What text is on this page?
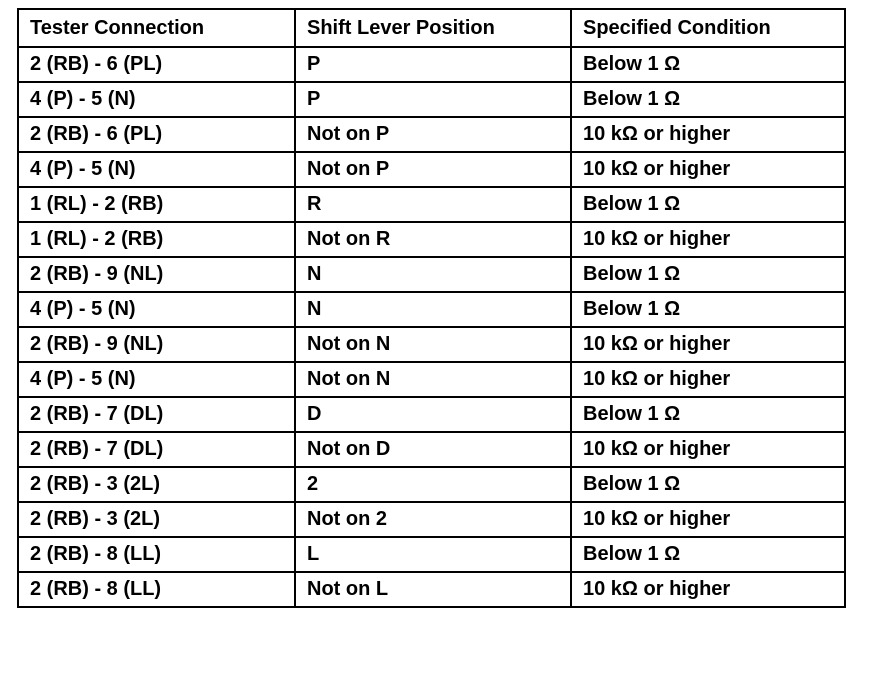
Tester Connection	Shift Lever Position	Specified Condition
2 (RB) - 6 (PL)	P	Below 1 Ω
4 (P) - 5 (N)	P	Below 1 Ω
2 (RB) - 6 (PL)	Not on P	10 kΩ or higher
4 (P) - 5 (N)	Not on P	10 kΩ or higher
1 (RL) - 2 (RB)	R	Below 1 Ω
1 (RL) - 2 (RB)	Not on R	10 kΩ or higher
2 (RB) - 9 (NL)	N	Below 1 Ω
4 (P) - 5 (N)	N	Below 1 Ω
2 (RB) - 9 (NL)	Not on N	10 kΩ or higher
4 (P) - 5 (N)	Not on N	10 kΩ or higher
2 (RB) - 7 (DL)	D	Below 1 Ω
2 (RB) - 7 (DL)	Not on D	10 kΩ or higher
2 (RB) - 3 (2L)	2	Below 1 Ω
2 (RB) - 3 (2L)	Not on 2	10 kΩ or higher
2 (RB) - 8 (LL)	L	Below 1 Ω
2 (RB) - 8 (LL)	Not on L	10 kΩ or higher
